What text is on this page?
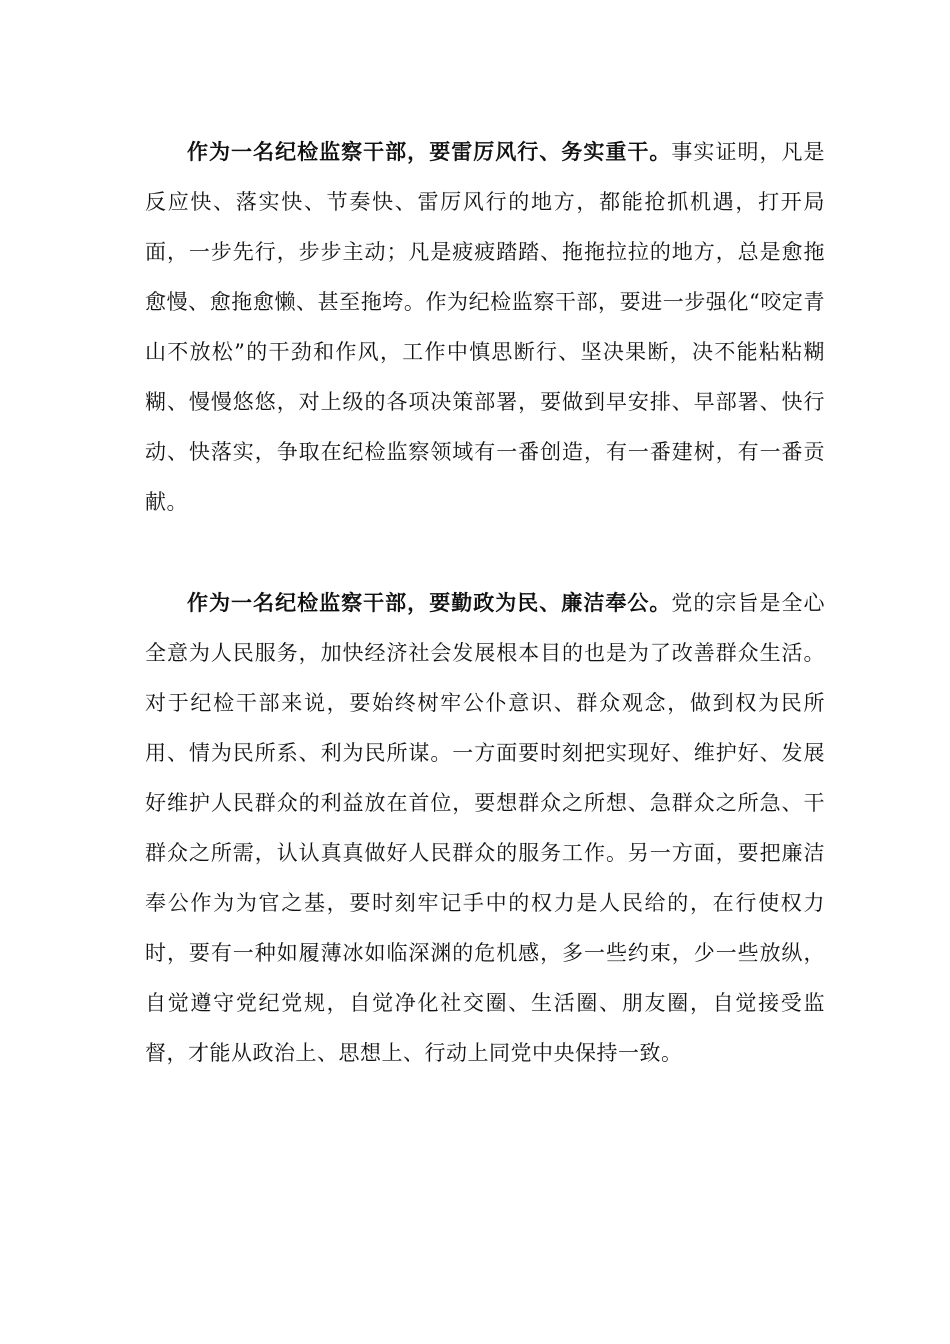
作为一名纪检监察干部，要雷厉风行、务实重干。事实证明，凡是反应快、落实快、节奏快、雷厉风行的地方，都能抢抓机遇，打开局面，一步先行，步步主动；凡是疲疲踏踏、拖拖拉拉的地方，总是愈拖愈慢、愈拖愈懒、甚至拖垮。作为纪检监察干部，要进一步强化“咬定青山不放松”的干劲和作风，工作中慎思断行、坚决果断，决不能粘粘糊糊、慢慢悠悠，对上级的各项决策部署，要做到早安排、早部署、快行动、快落实，争取在纪检监察领域有一番创造，有一番建树，有一番贡献。

作为一名纪检监察干部，要勤政为民、廉洁奉公。党的宗旨是全心全意为人民服务，加快经济社会发展根本目的也是为了改善群众生活。对于纪检干部来说，要始终树牢公仆意识、群众观念，做到权为民所用、情为民所系、利为民所谋。一方面要时刻把实现好、维护好、发展好维护人民群众的利益放在首位，要想群众之所想、急群众之所急、干群众之所需，认认真真做好人民群众的服务工作。另一方面，要把廉洁奉公作为为官之基，要时刻牢记手中的权力是人民给的，在行使权力时，要有一种如履薄冰如临深渊的危机感，多一些约束，少一些放纵，自觉遵守党纪党规，自觉净化社交圈、生活圈、朋友圈，自觉接受监督，才能从政治上、思想上、行动上同党中央保持一致。
